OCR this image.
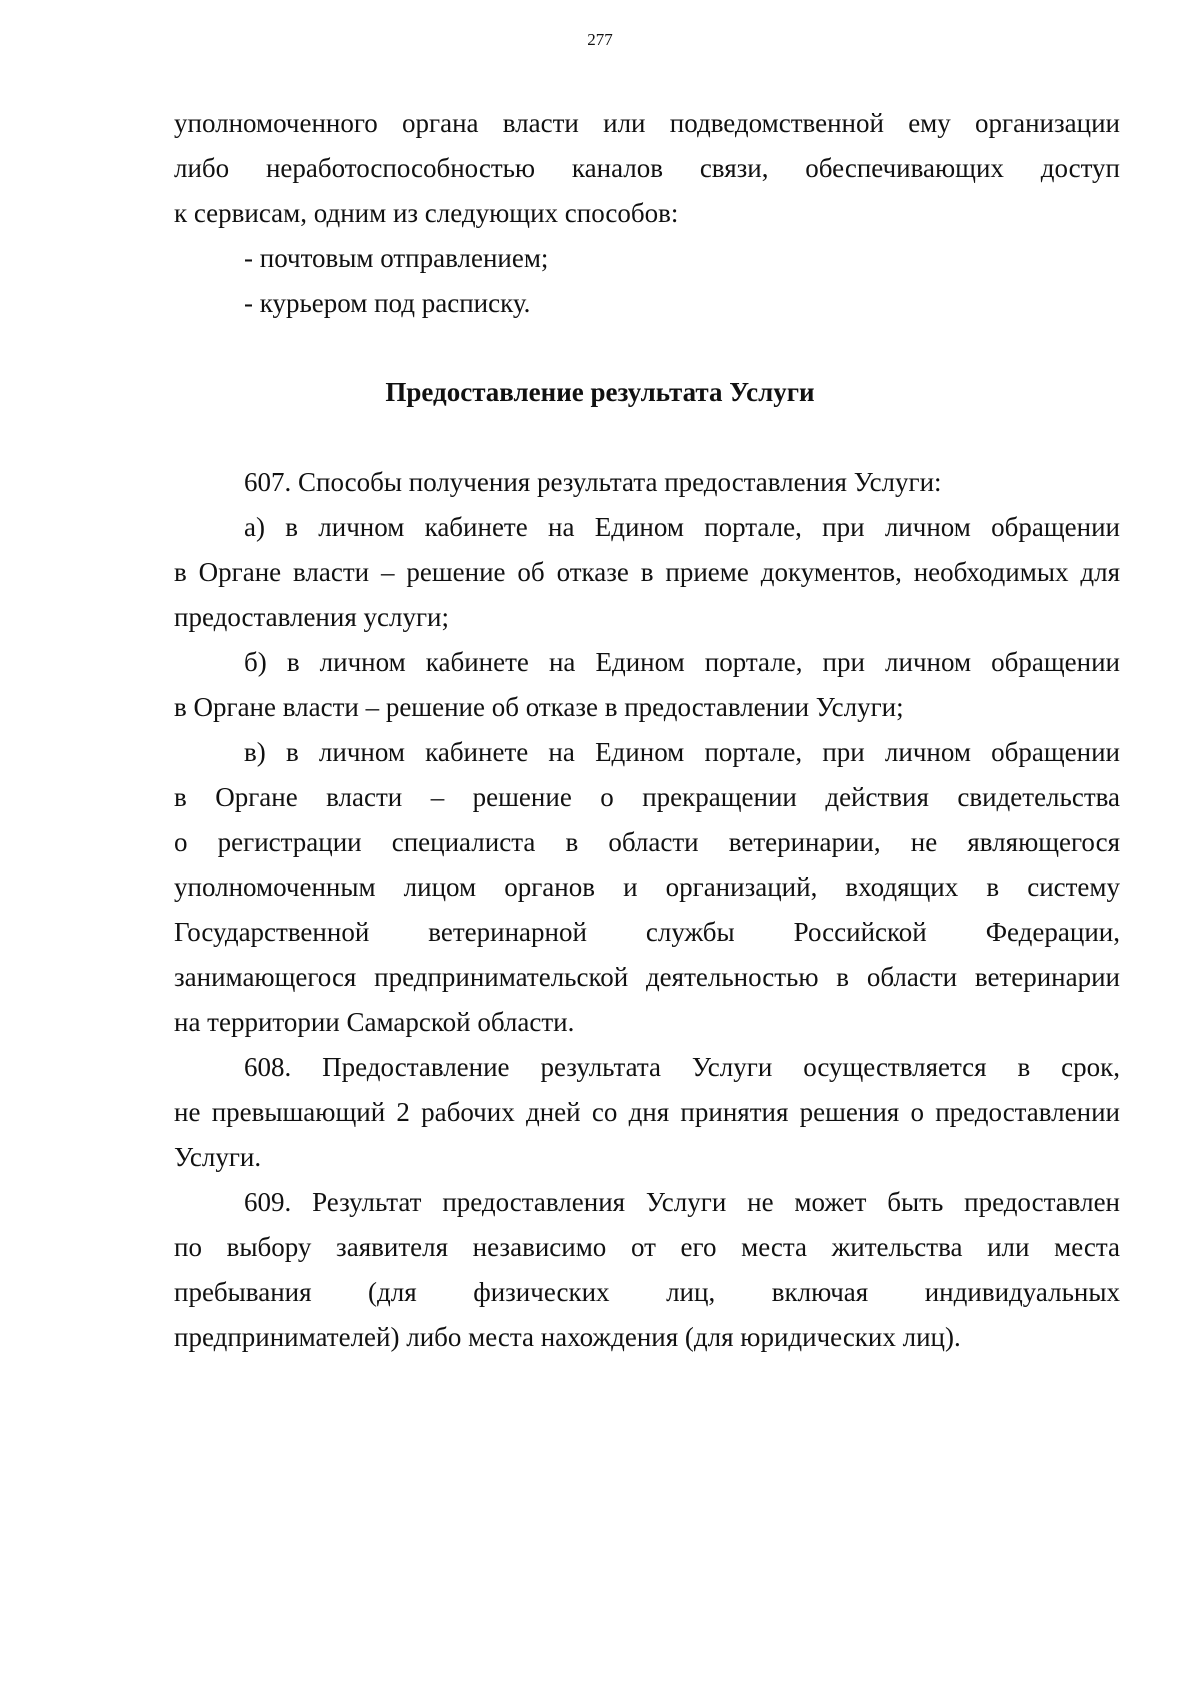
277
уполномоченного органа власти или подведомственной ему организации
либо неработоспособностью каналов связи, обеспечивающих доступ
к сервисам, одним из следующих способов:
- почтовым отправлением;
- курьером под расписку.
Предоставление результата Услуги
607. Способы получения результата предоставления Услуги:
а) в личном кабинете на Едином портале, при личном обращении
в Органе власти – решение об отказе в приеме документов, необходимых для
предоставления услуги;
б) в личном кабинете на Едином портале, при личном обращении
в Органе власти – решение об отказе в предоставлении Услуги;
в) в личном кабинете на Едином портале, при личном обращении
в Органе власти – решение о прекращении действия свидетельства
о регистрации специалиста в области ветеринарии, не являющегося
уполномоченным лицом органов и организаций, входящих в систему
Государственной ветеринарной службы Российской Федерации,
занимающегося предпринимательской деятельностью в области ветеринарии
на территории Самарской области.
608. Предоставление результата Услуги осуществляется в срок,
не превышающий 2 рабочих дней со дня принятия решения о предоставлении
Услуги.
609. Результат предоставления Услуги не может быть предоставлен
по выбору заявителя независимо от его места жительства или места
пребывания (для физических лиц, включая индивидуальных
предпринимателей) либо места нахождения (для юридических лиц).
